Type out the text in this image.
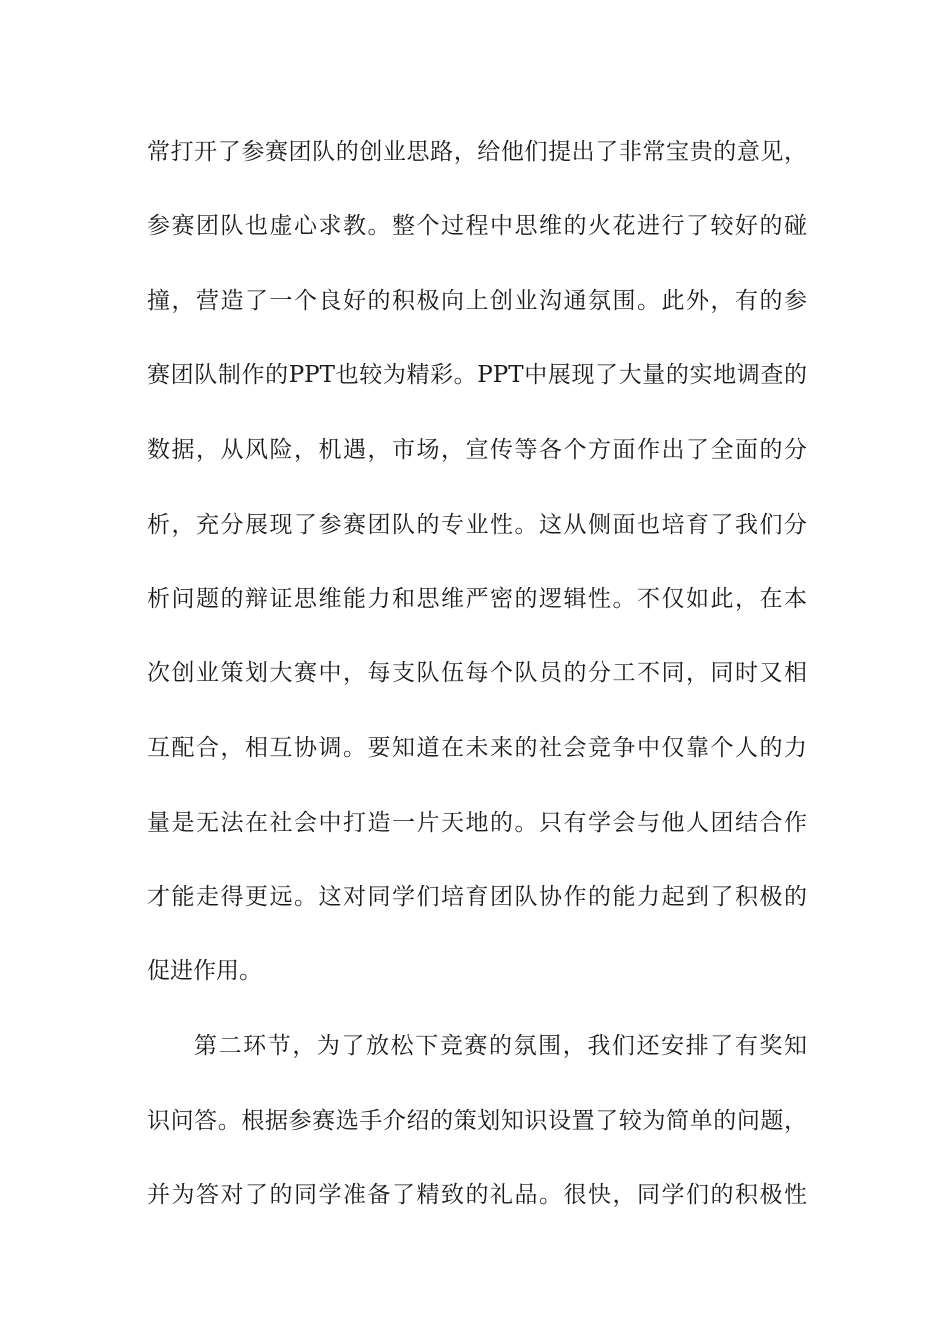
常打开了参赛团队的创业思路，给他们提出了非常宝贵的意见，
参赛团队也虚心求教。整个过程中思维的火花进行了较好的碰
撞，营造了一个良好的积极向上创业沟通氛围。此外，有的参
赛团队制作的PPT也较为精彩。PPT中展现了大量的实地调查的
数据，从风险，机遇，市场，宣传等各个方面作出了全面的分
析，充分展现了参赛团队的专业性。这从侧面也培育了我们分
析问题的辩证思维能力和思维严密的逻辑性。不仅如此，在本
次创业策划大赛中，每支队伍每个队员的分工不同，同时又相
互配合，相互协调。要知道在未来的社会竞争中仅靠个人的力
量是无法在社会中打造一片天地的。只有学会与他人团结合作
才能走得更远。这对同学们培育团队协作的能力起到了积极的
促进作用。
第二环节，为了放松下竞赛的氛围，我们还安排了有奖知
识问答。根据参赛选手介绍的策划知识设置了较为简单的问题，
并为答对了的同学准备了精致的礼品。很快，同学们的积极性
